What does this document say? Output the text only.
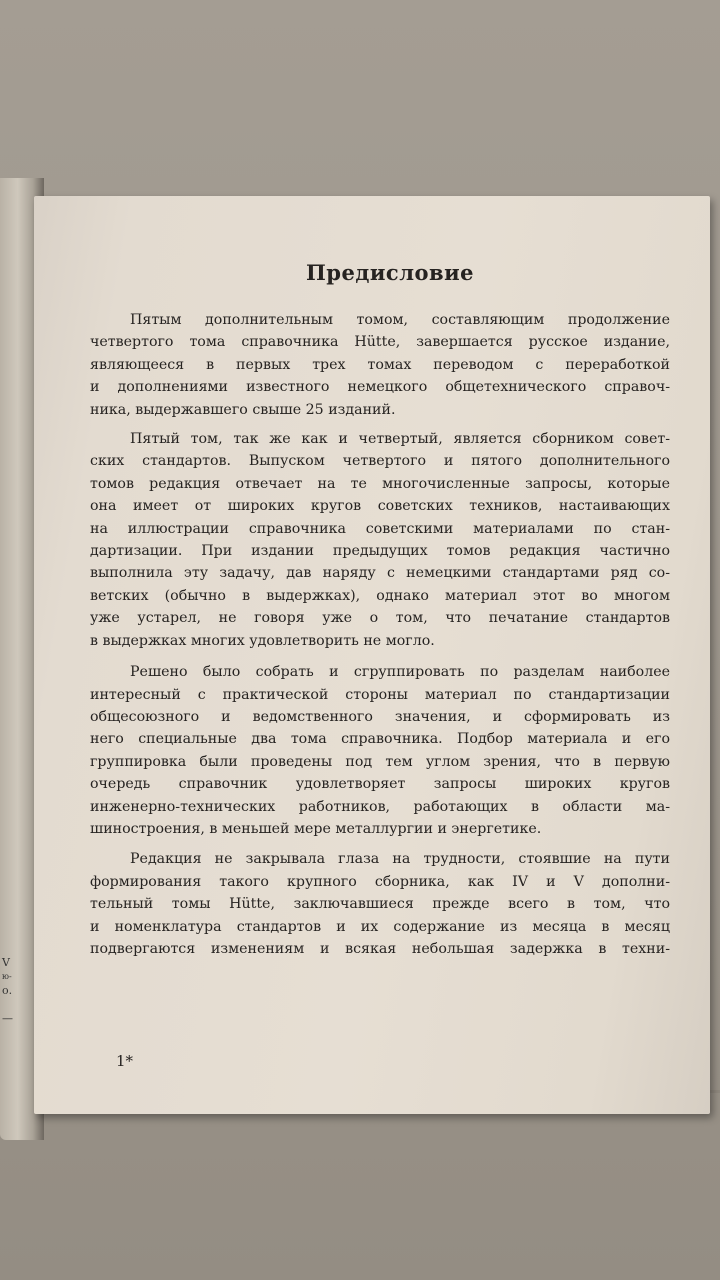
V
ю-
о.
—
Предисловие

Пятым дополнительным томом, составляющим продолжение
четвертого тома справочника Hütte, завершается русское издание,
являющееся в первых трех томах переводом с переработкой
и дополнениями известного немецкого общетехнического справоч-
ника, выдержавшего свыше 25 изданий.

Пятый том, так же как и четвертый, является сборником совет-
ских стандартов. Выпуском четвертого и пятого дополнительного
томов редакция отвечает на те многочисленные запросы, которые
она имеет от широких кругов советских техников, настаивающих
на иллюстрации справочника советскими материалами по стан-
дартизации. При издании предыдущих томов редакция частично
выполнила эту задачу, дав наряду с немецкими стандартами ряд со-
ветских (обычно в выдержках), однако материал этот во многом
уже устарел, не говоря уже о том, что печатание стандартов
в выдержках многих удовлетворить не могло.

Решено было собрать и сгруппировать по разделам наиболее
интересный с практической стороны материал по стандартизации
общесоюзного и ведомственного значения, и сформировать из
него специальные два тома справочника. Подбор материала и его
группировка были проведены под тем углом зрения, что в первую
очередь справочник удовлетворяет запросы широких кругов
инженерно-технических работников, работающих в области ма-
шиностроения, в меньшей мере металлургии и энергетике.

Редакция не закрывала глаза на трудности, стоявшие на пути
формирования такого крупного сборника, как IV и V дополни-
тельный томы Hütte, заключавшиеся прежде всего в том, что
и номенклатура стандартов и их содержание из месяца в месяц
подвергаются изменениям и всякая небольшая задержка в техни-

1*
